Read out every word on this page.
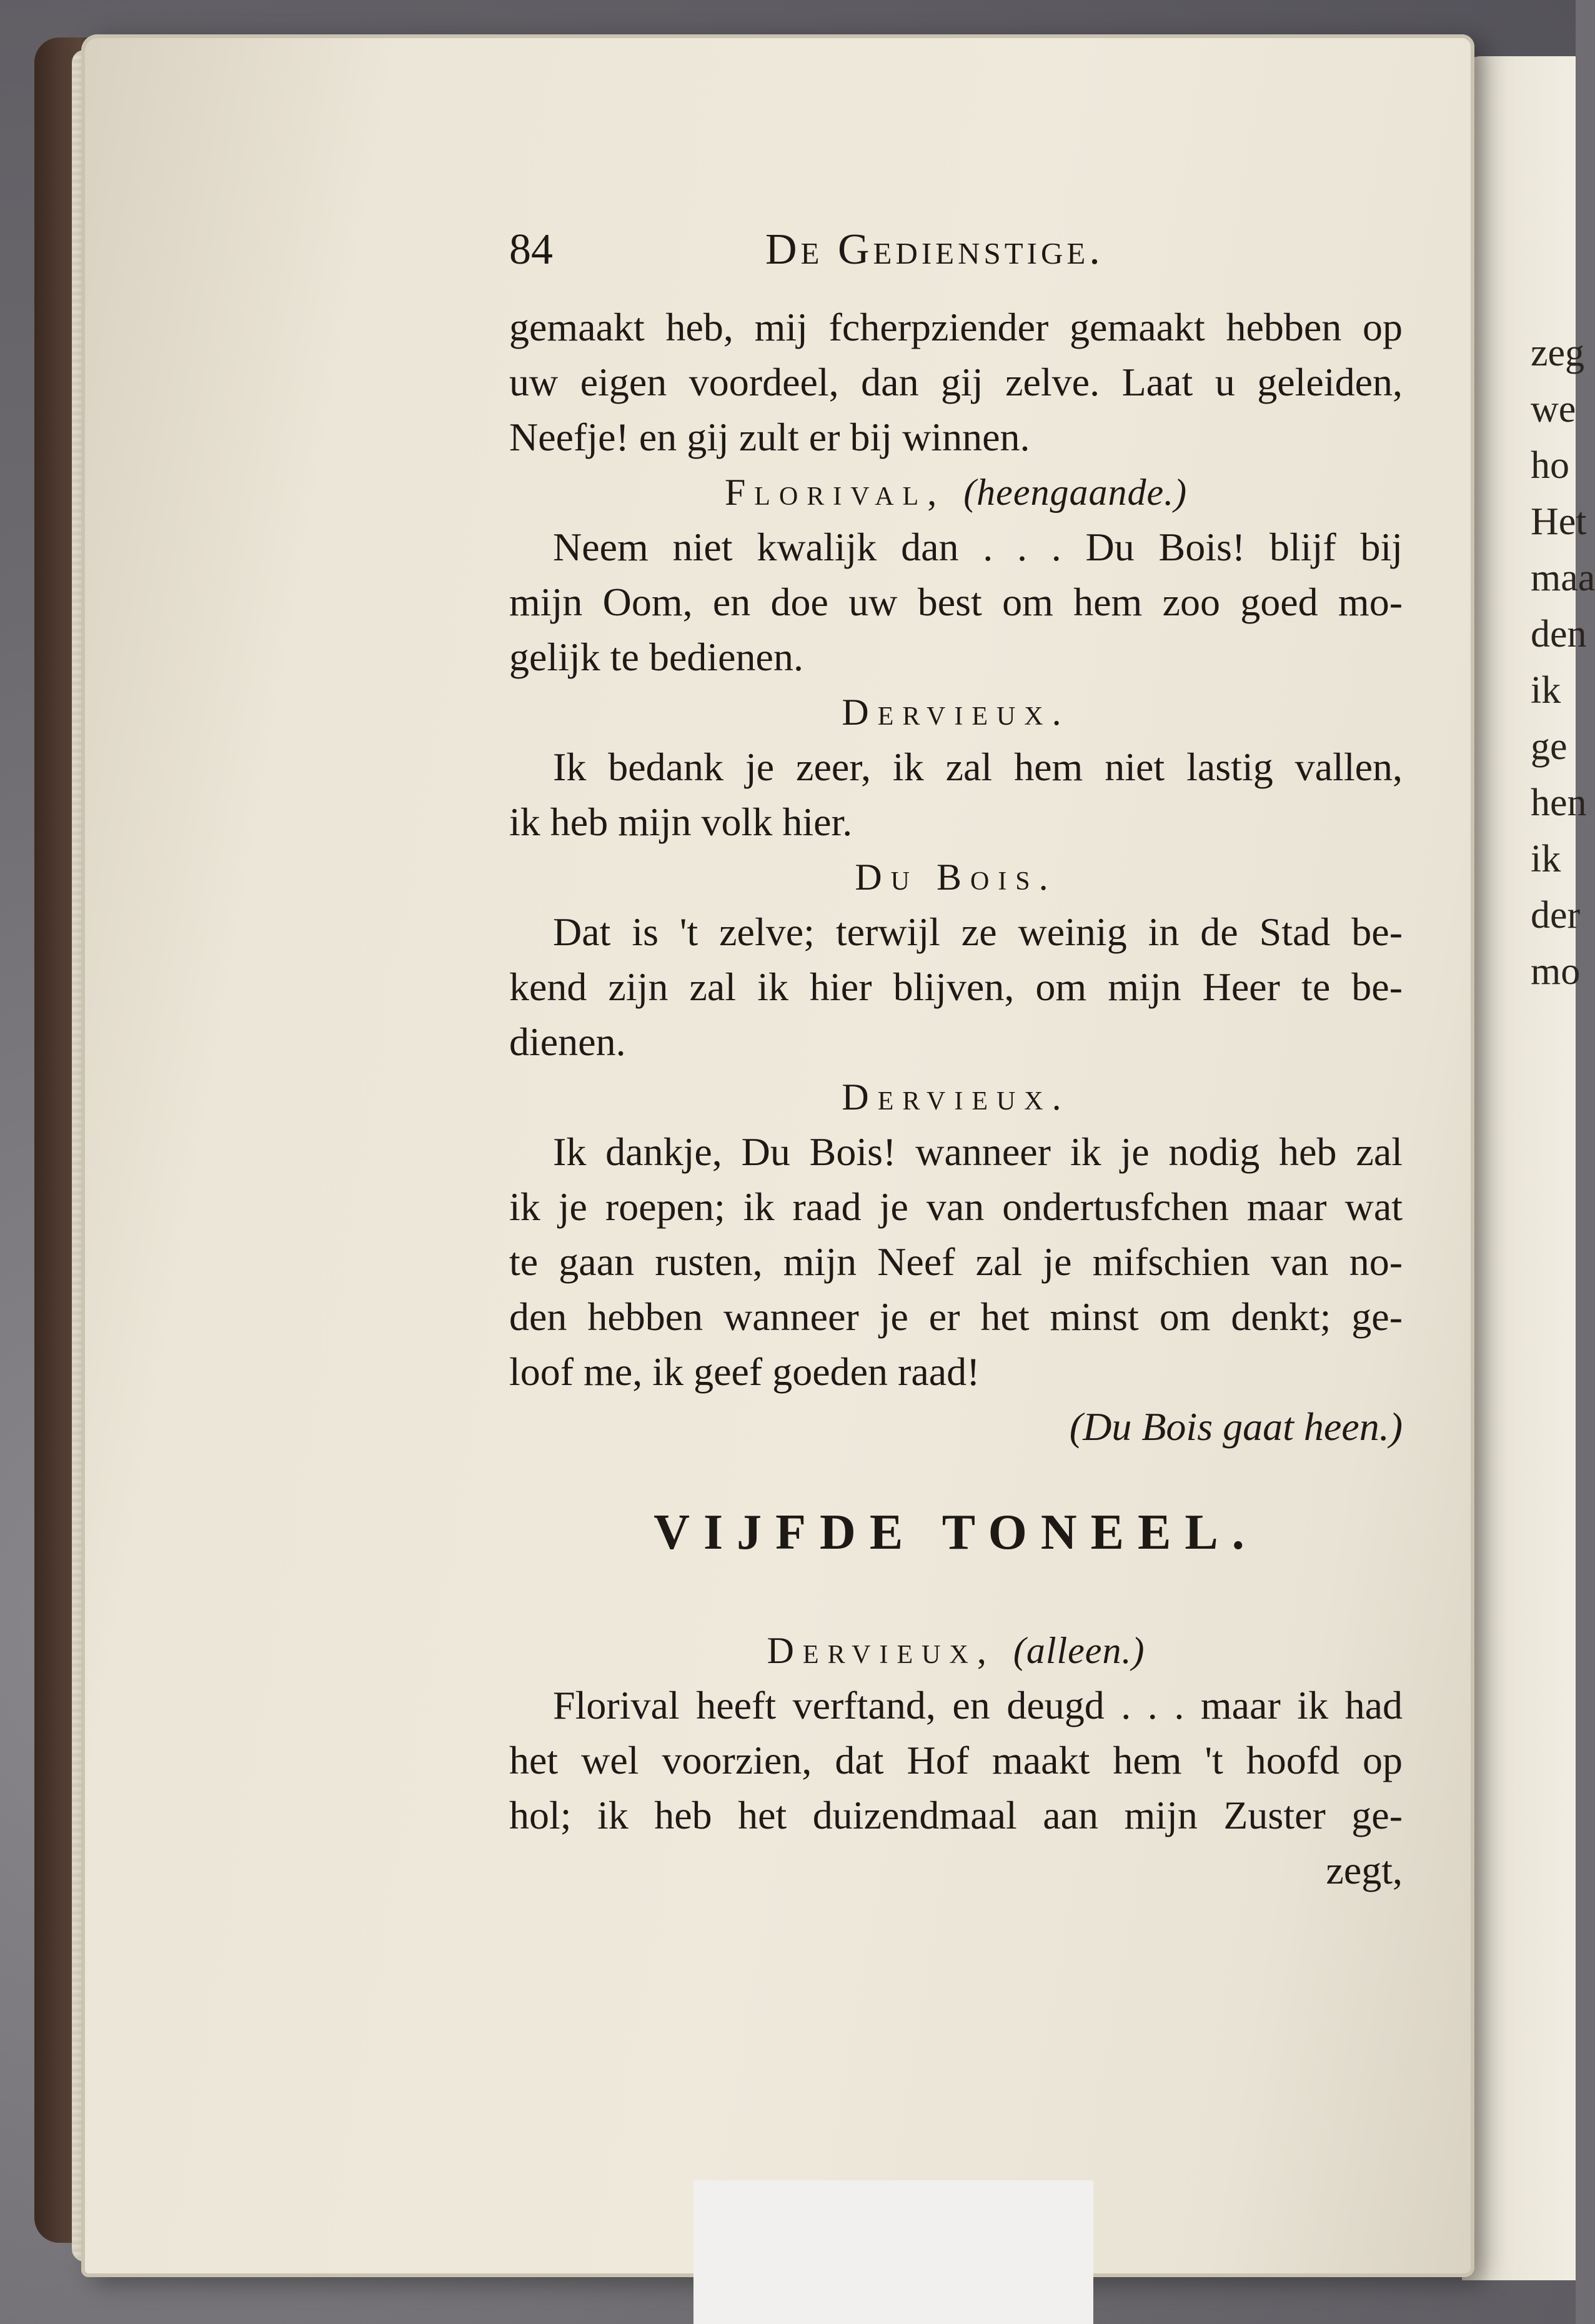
zeg
we
ho
Het
maa
den
ik
ge
hen
ik
der
mo
84	De Gedienstige.
gemaakt heb, mij fcherpziender gemaakt hebben op
uw eigen voordeel, dan gij zelve. Laat u geleiden,
Neefje! en gij zult er bij winnen.
Florival, (heengaande.)
Neem niet kwalijk dan . . . Du Bois! blijf bij
mijn Oom, en doe uw best om hem zoo goed mo-
gelijk te bedienen.
Dervieux.
Ik bedank je zeer, ik zal hem niet lastig vallen,
ik heb mijn volk hier.
Du Bois.
Dat is 't zelve; terwijl ze weinig in de Stad be-
kend zijn zal ik hier blijven, om mijn Heer te be-
dienen.
Dervieux.
Ik dankje, Du Bois! wanneer ik je nodig heb zal
ik je roepen; ik raad je van ondertusfchen maar wat
te gaan rusten, mijn Neef zal je mifschien van no-
den hebben wanneer je er het minst om denkt; ge-
loof me, ik geef goeden raad!
(Du Bois gaat heen.)
VIJFDE TONEEL.
Dervieux, (alleen.)
Florival heeft verftand, en deugd . . . maar ik had
het wel voorzien, dat Hof maakt hem 't hoofd op
hol; ik heb het duizendmaal aan mijn Zuster ge-
zegt,
